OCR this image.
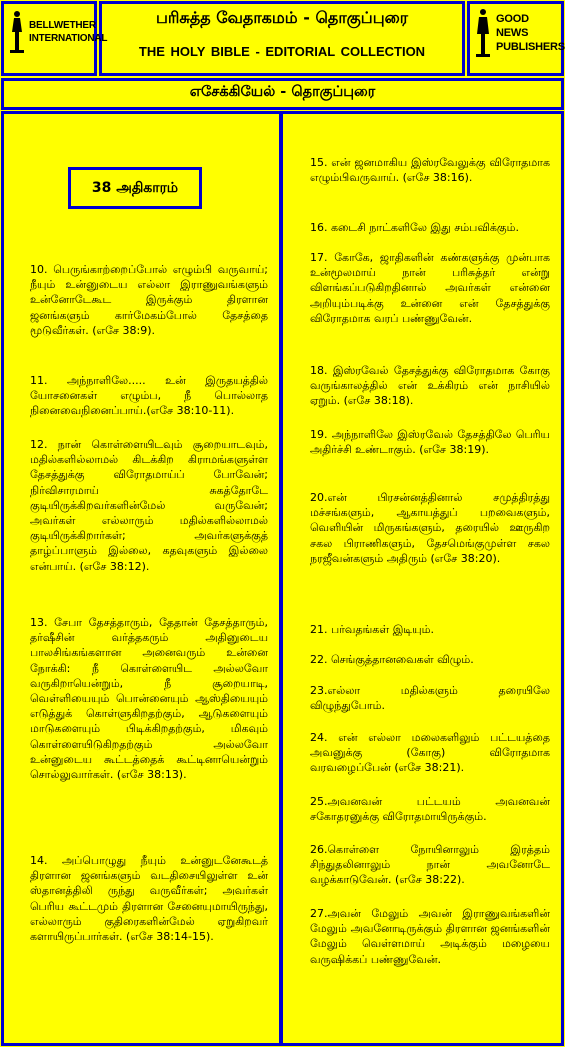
BELLWETHER INTERNATIONAL
GOOD NEWS PUBLISHERS
பரிசுத்த வேதாகமம் - தொகுப்புரை
THE HOLY BIBLE - EDITORIAL COLLECTION
எசேக்கியேல் - தொகுப்புரை
38 அதிகாரம்
10. பெருங்காற்றைப்போல் எழும்பி வருவாய்; நீயும் உன்னுடைய எல்லா இராணுவங்களும் உன்னோடேகூட இருக்கும் திரளான ஜனங்களும் கார்மேகம்போல் தேசத்தை மூடுவீர்கள். (எசே 38:9).
11. அந்நாளிலே..... உன் இருதயத்தில் யோசனைகள் எழும்ப, நீ பொல்லாத நினைவைநினைப்பாய்.(எசே 38:10-11).
12. நான் கொள்ளையிடவும் சூறையாடவும், மதில்களில்லாமல் கிடக்கிற கிராமங்களுள்ள தேசத்துக்கு விரோதமாய்ப் போவேன்; நிர்விசாரமாய் சுகத்தோடே குடியிருக்கிறவர்களின்மேல் வருவேன்; அவர்கள் எல்லாரும் மதில்களில்லாமல் குடியிருக்கிறார்கள்; அவர்களுக்குத் தாழ்ப்பாளும் இல்லை, கதவுகளும் இல்லை என்பாய். (எசே 38:12).
13. சேபா தேசத்தாரும், தேதான் தேசத்தாரும், தர்ஷீசின் வர்த்தகரும் அதினுடைய பாலசிங்கங்களான அனைவரும் உன்னை நோக்கி: நீ கொள்ளையிட அல்லவோ வருகிறாயென்றும், நீ சூறையாடி, வெள்ளியையும் பொன்னையும் ஆஸ்தியையும் எடுத்துக் கொள்ளுகிறதற்கும், ஆடுகளையும் மாடுகளையும் பிடிக்கிறதற்கும், மிகவும் கொள்ளையிடுகிறதற்கும் அல்லவோ உன்னுடைய கூட்டத்தைக் கூட்டினாயென்றும் சொல்லுவார்கள். (எசே 38:13).
14. அப்பொழுது நீயும் உன்னுடனேகூடத் திரளான ஜனங்களும் வடதிசையிலுள்ள உன் ஸ்தானத்திலி ருந்து வருவீர்கள்; அவர்கள் பெரிய கூட்டமும் திரளான சேனையுமாயிருந்து, எல்லாரும் குதிரைகளின்மேல் ஏறுகிறவர் களாயிருப்பார்கள். (எசே 38:14-15).
15. என் ஜனமாகிய இஸ்ரவேலுக்கு விரோதமாக எழும்பிவருவாய். (எசே 38:16).
16. கடைசி நாட்களிலே இது சம்பவிக்கும்.
17. கோகே, ஜாதிகளின் கண்களுக்கு முன்பாக உன்மூலமாய் நான் பரிசுத்தர் என்று விளங்கப்படுகிறதினால் அவர்கள் என்னை அறியும்படிக்கு உன்னை என் தேசத்துக்கு விரோதமாக வரப் பண்ணுவேன்.
18. இஸ்ரவேல் தேசத்துக்கு விரோதமாக கோகு வருங்காலத்தில் என் உக்கிரம் என் நாசியில் ஏறும். (எசே 38:18).
19. அந்நாளிலே இஸ்ரவேல் தேசத்திலே பெரிய அதிர்ச்சி உண்டாகும். (எசே 38:19).
20.என் பிரசன்னத்தினால் சமுத்திரத்து மச்சங்களும், ஆகாயத்துப் பறவைகளும், வெளியின் மிருகங்களும், தரையில் ஊருகிற சகல பிராணிகளும், தேசமெங்குமுள்ள சகல நரஜீவன்களும் அதிரும் (எசே 38:20).
21. பர்வதங்கள் இடியும்.
22. செங்குத்தானவைகள் விழும்.
23.எல்லா மதில்களும் தரையிலே விழுந்துபோம்.
24. என் எல்லா மலைகளிலும் பட்டயத்தை அவனுக்கு (கோகு) விரோதமாக வரவழைப்பேன் (எசே 38:21).
25.அவனவன் பட்டயம் அவனவன் சகோதரனுக்கு விரோதமாயிருக்கும்.
26.கொள்ளை நோயினாலும் இரத்தம் சிந்துதலினாலும் நான் அவனோடே வழக்காடுவேன். (எசே 38:22).
27.அவன் மேலும் அவன் இராணுவங்களின் மேலும் அவனோடிருக்கும் திரளான ஜனங்களின் மேலும் வெள்ளமாய் அடிக்கும் மழையை வருஷிக்கப் பண்ணுவேன்.
